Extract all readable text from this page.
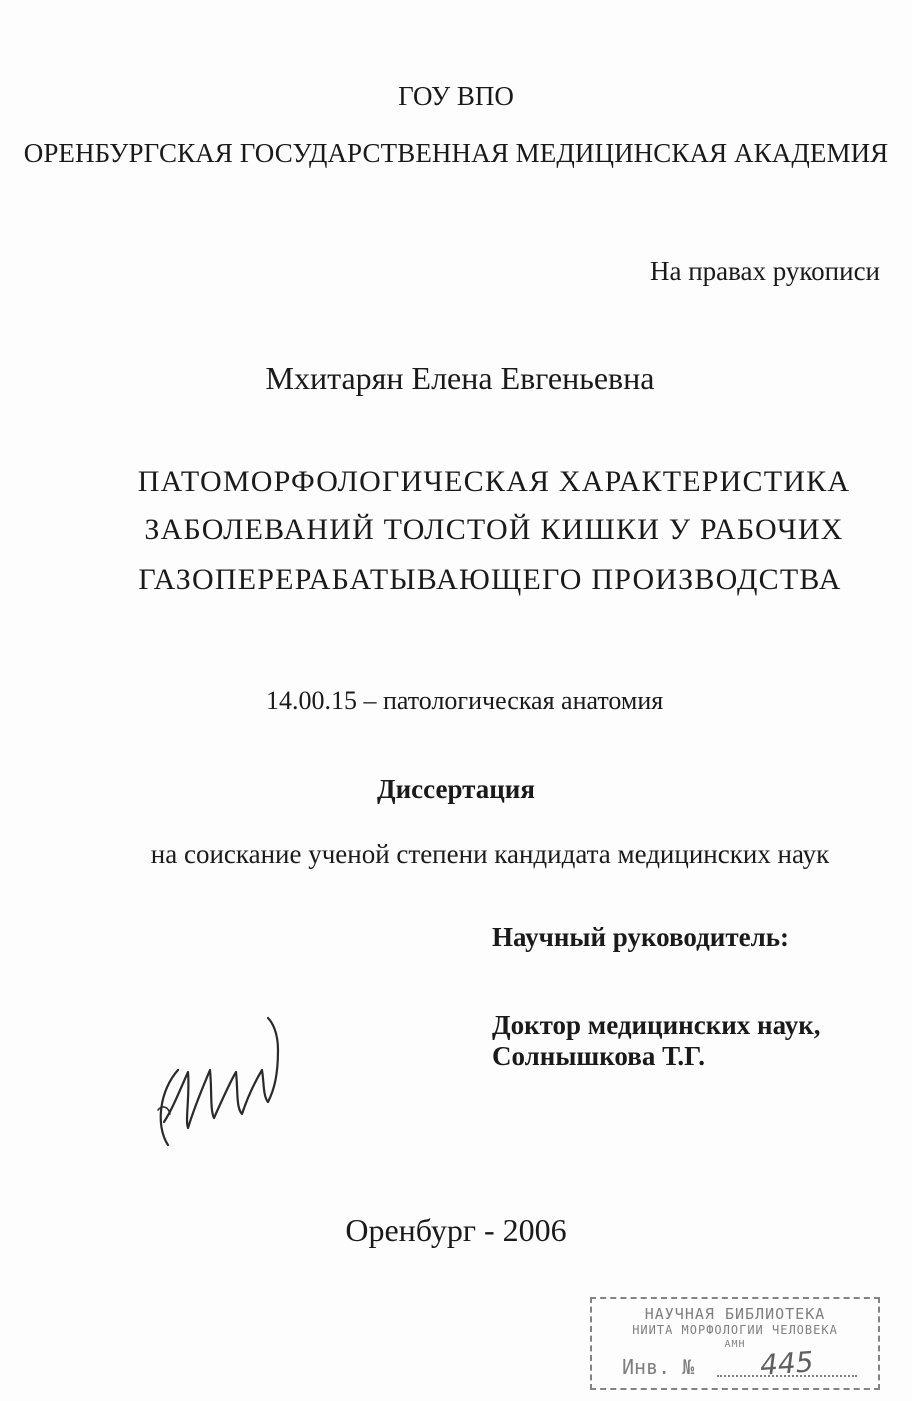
ГОУ ВПО
ОРЕНБУРГСКАЯ ГОСУДАРСТВЕННАЯ МЕДИЦИНСКАЯ АКАДЕМИЯ
На правах рукописи
Мхитарян Елена Евгеньевна
ПАТОМОРФОЛОГИЧЕСКАЯ ХАРАКТЕРИСТИКА
ЗАБОЛЕВАНИЙ ТОЛСТОЙ КИШКИ У РАБОЧИХ
ГАЗОПЕРЕРАБАТЫВАЮЩЕГО ПРОИЗВОДСТВА
14.00.15 – патологическая анатомия
Диссертация
на соискание ученой степени кандидата медицинских наук
Научный руководитель:
Доктор медицинских наук,
Солнышкова Т.Г.
Оренбург - 2006
НАУЧНАЯ БИБЛИОТЕКА
НИИТА МОРФОЛОГИИ ЧЕЛОВЕКА
АМН
Инв. № 445
